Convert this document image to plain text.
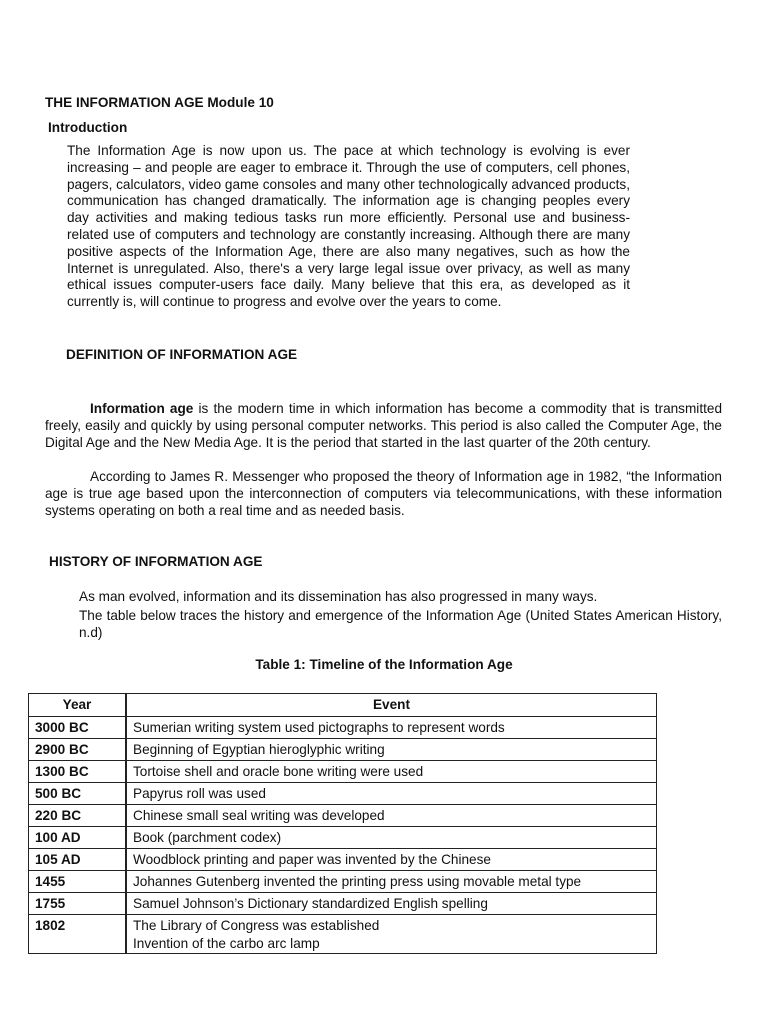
THE INFORMATION AGE Module 10
Introduction
The Information Age is now upon us. The pace at which technology is evolving is ever increasing – and people are eager to embrace it. Through the use of computers, cell phones, pagers, calculators, video game consoles and many other technologically advanced products, communication has changed dramatically. The information age is changing peoples every day activities and making tedious tasks run more efficiently. Personal use and business-related use of computers and technology are constantly increasing. Although there are many positive aspects of the Information Age, there are also many negatives, such as how the Internet is unregulated. Also, there's a very large legal issue over privacy, as well as many ethical issues computer-users face daily. Many believe that this era, as developed as it currently is, will continue to progress and evolve over the years to come.
DEFINITION OF INFORMATION AGE
Information age is the modern time in which information has become a commodity that is transmitted freely, easily and quickly by using personal computer networks. This period is also called the Computer Age, the Digital Age and the New Media Age. It is the period that started in the last quarter of the 20th century.
According to James R. Messenger who proposed the theory of Information age in 1982, “the Information age is true age based upon the interconnection of computers via telecommunications, with these information systems operating on both a real time and as needed basis.
HISTORY OF INFORMATION AGE
As man evolved, information and its dissemination has also progressed in many ways.
The table below traces the history and emergence of the Information Age (United States American History, n.d)
Table 1: Timeline of the Information Age
Year	Event
3000 BC	Sumerian writing system used pictographs to represent words
2900 BC	Beginning of Egyptian hieroglyphic writing
1300 BC	Tortoise shell and oracle bone writing were used
500 BC	Papyrus roll was used
220 BC	Chinese small seal writing was developed
100 AD	Book (parchment codex)
105 AD	Woodblock printing and paper was invented by the Chinese
1455	Johannes Gutenberg invented the printing press using movable metal type
1755	Samuel Johnson’s Dictionary standardized English spelling
1802	The Library of Congress was established
Invention of the carbo arc lamp
